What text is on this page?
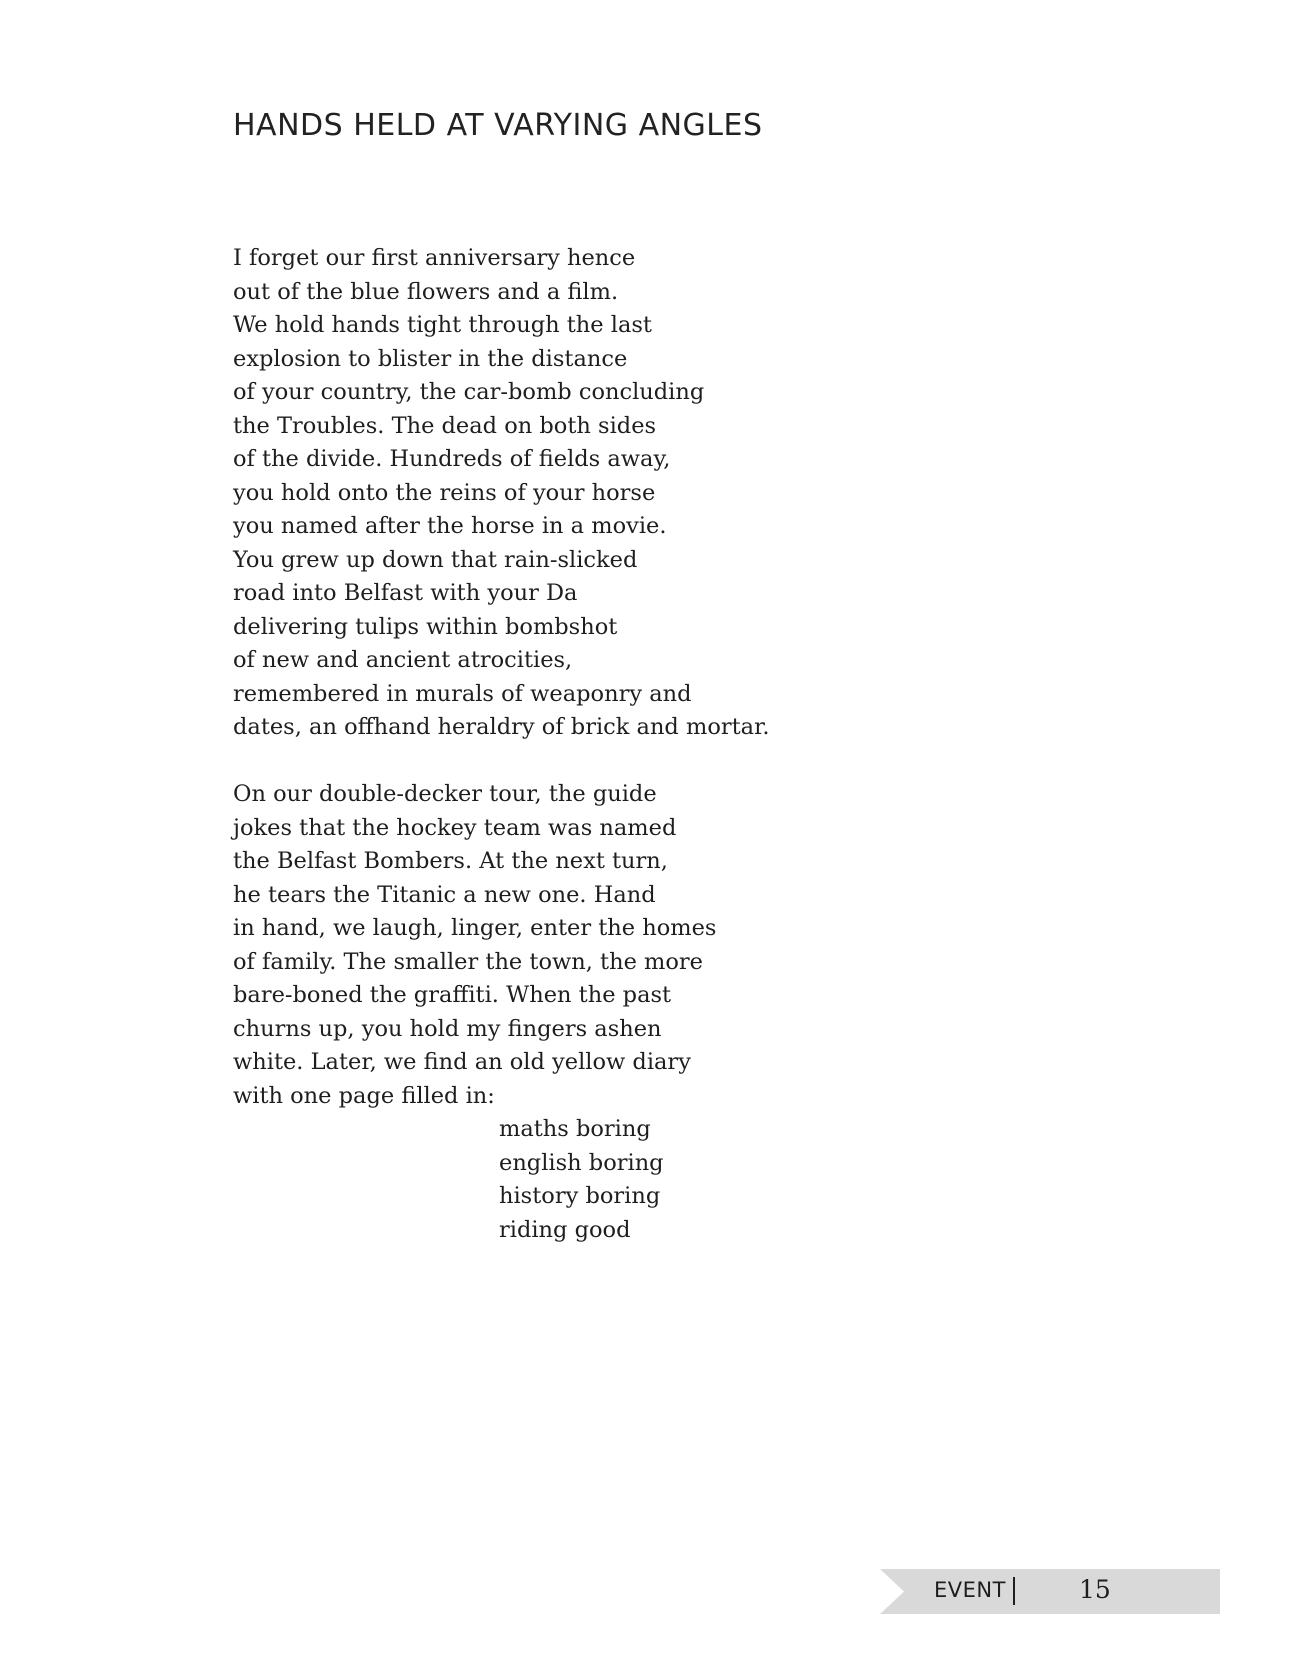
HANDS HELD AT VARYING ANGLES

I forget our first anniversary hence
out of the blue flowers and a film.
We hold hands tight through the last
explosion to blister in the distance
of your country, the car-bomb concluding
the Troubles. The dead on both sides
of the divide. Hundreds of fields away,
you hold onto the reins of your horse
you named after the horse in a movie.
You grew up down that rain-slicked
road into Belfast with your Da
delivering tulips within bombshot
of new and ancient atrocities,
remembered in murals of weaponry and
dates, an offhand heraldry of brick and mortar.

On our double-decker tour, the guide
jokes that the hockey team was named
the Belfast Bombers. At the next turn,
he tears the Titanic a new one. Hand
in hand, we laugh, linger, enter the homes
of family. The smaller the town, the more
bare-boned the graffiti. When the past
churns up, you hold my fingers ashen
white. Later, we find an old yellow diary
with one page filled in:
maths boring
english boring
history boring
riding good

EVENT	15
